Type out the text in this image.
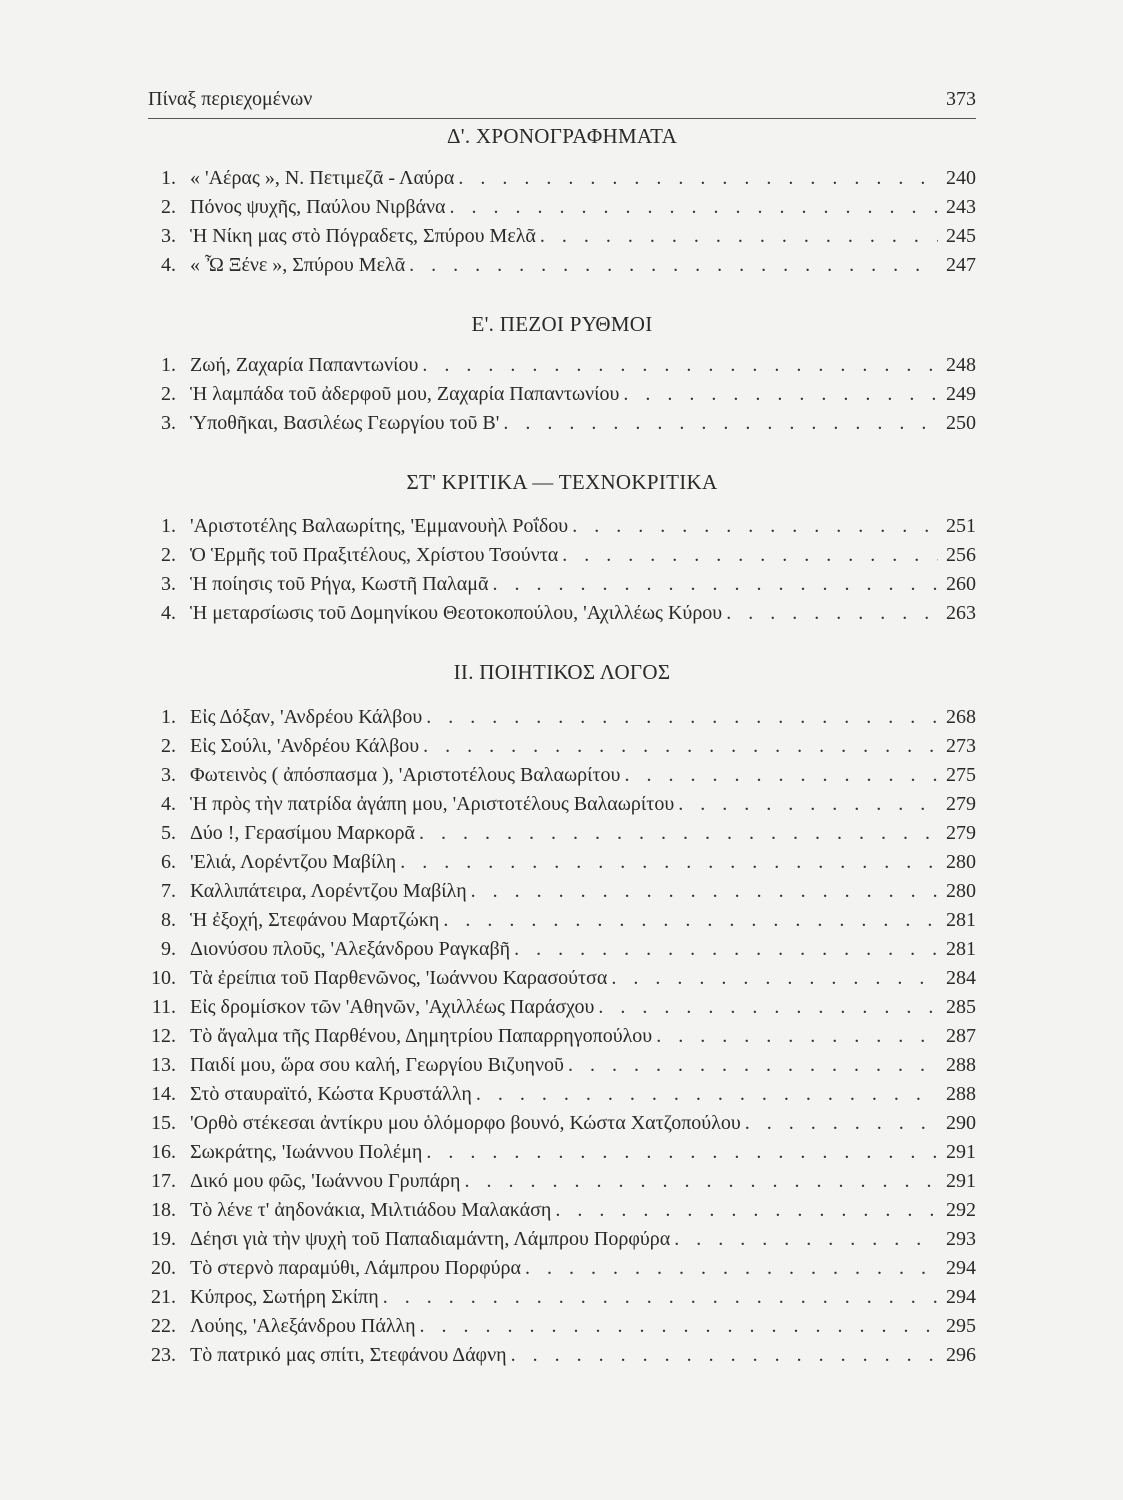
Πίναξ περιεχομένων	373
Δ'. ΧΡΟΝΟΓΡΑΦΗΜΑΤΑ
1. « 'Αέρας », Ν. Πετιμεζᾶ - Λαύρα . . .	240
2. Πόνος ψυχῆς, Παύλου Νιρβάνα . . .	243
3. Ἡ Νίκη μας στὸ Πόγραδετς, Σπύρου Μελᾶ . . .	245
4. « Ὦ Ξένε », Σπύρου Μελᾶ . . .	247
Ε'. ΠΕΖΟΙ ΡΥΘΜΟΙ
1. Ζωή, Ζαχαρία Παπαντωνίου . . .	248
2. Ἡ λαμπάδα τοῦ ἀδερφοῦ μου, Ζαχαρία Παπαντωνίου . . .	249
3. Ὑποθῆκαι, Βασιλέως Γεωργίου τοῦ Β' . . .	250
ΣΤ' ΚΡΙΤΙΚΑ — ΤΕΧΝΟΚΡΙΤΙΚΑ
1. 'Αριστοτέλης Βαλαωρίτης, 'Εμμανουὴλ Ροΐδου . . .	251
2. Ὁ Ἑρμῆς τοῦ Πραξιτέλους, Χρίστου Τσούντα . . .	256
3. Ἡ ποίησις τοῦ Ρήγα, Κωστῆ Παλαμᾶ . . .	260
4. Ἡ μεταρσίωσις τοῦ Δομηνίκου Θεοτοκοπούλου, 'Αχιλλέως Κύρου . . .	263
ΙΙ. ΠΟΙΗΤΙΚΟΣ ΛΟΓΟΣ
1. Εἰς Δόξαν, 'Ανδρέου Κάλβου . . .	268
2. Εἰς Σούλι, 'Ανδρέου Κάλβου . . .	273
3. Φωτεινὸς ( ἀπόσπασμα ), 'Αριστοτέλους Βαλαωρίτου . . .	275
4. Ἡ πρὸς τὴν πατρίδα ἀγάπη μου, 'Αριστοτέλους Βαλαωρίτου . . .	279
5. Δύο !, Γερασίμου Μαρκορᾶ . . .	279
6. 'Ελιά, Λορέντζου Μαβίλη . . .	280
7. Καλλιπάτειρα, Λορέντζου Μαβίλη . . .	280
8. Ἡ ἐξοχή, Στεφάνου Μαρτζώκη . . .	281
9. Διονύσου πλοῦς, 'Αλεξάνδρου Ραγκαβῆ . . .	281
10. Τὰ ἐρείπια τοῦ Παρθενῶνος, 'Ιωάννου Καρασούτσα . . .	284
11. Εἰς δρομίσκον τῶν 'Αθηνῶν, 'Αχιλλέως Παράσχου . . .	285
12. Τὸ ἄγαλμα τῆς Παρθένου, Δημητρίου Παπαρρηγοπούλου . . .	287
13. Παιδί μου, ὥρα σου καλή, Γεωργίου Βιζυηνοῦ . . .	288
14. Στὸ σταυραϊτό, Κώστα Κρυστάλλη . . .	288
15. 'Ορθὸ στέκεσαι ἀντίκρυ μου ὁλόμορφο βουνό, Κώστα Χατζοπούλου . . .	290
16. Σωκράτης, 'Ιωάννου Πολέμη . . .	291
17. Δικό μου φῶς, 'Ιωάννου Γρυπάρη . . .	291
18. Τὸ λένε τ' ἀηδονάκια, Μιλτιάδου Μαλακάση . . .	292
19. Δέησι γιὰ τὴν ψυχὴ τοῦ Παπαδιαμάντη, Λάμπρου Πορφύρα . . .	293
20. Τὸ στερνὸ παραμύθι, Λάμπρου Πορφύρα . . .	294
21. Κύπρος, Σωτήρη Σκίπη . . .	294
22. Λούης, 'Αλεξάνδρου Πάλλη . . .	295
23. Τὸ πατρικό μας σπίτι, Στεφάνου Δάφνη . . .	296
